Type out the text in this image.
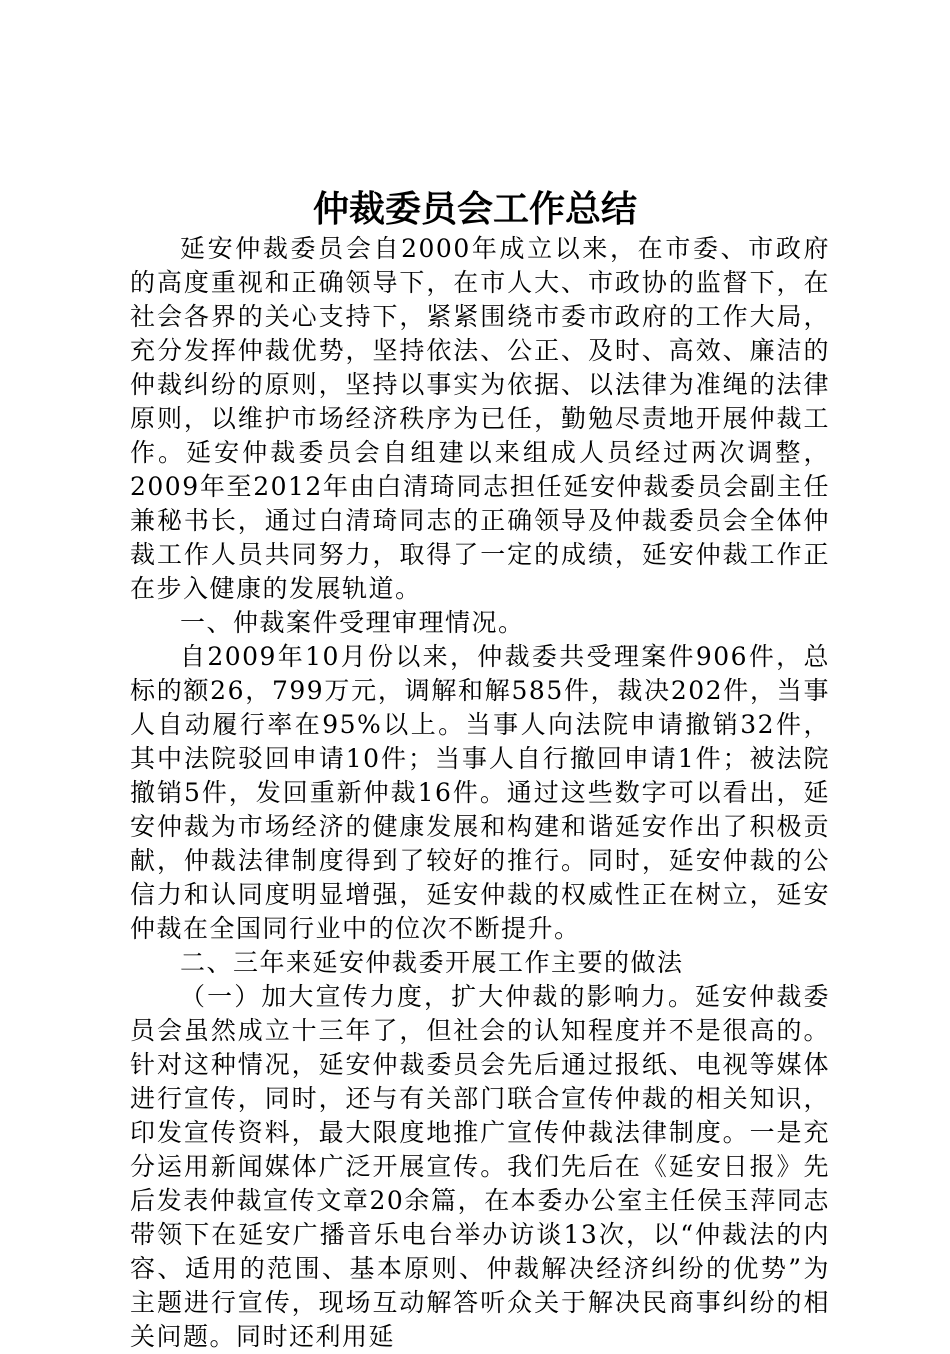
仲裁委员会工作总结

延安仲裁委员会自2000年成立以来，在市委、市政府的高度重视和正确领导下，在市人大、市政协的监督下，在社会各界的关心支持下，紧紧围绕市委市政府的工作大局，充分发挥仲裁优势，坚持依法、公正、及时、高效、廉洁的仲裁纠纷的原则，坚持以事实为依据、以法律为准绳的法律原则，以维护市场经济秩序为已任，勤勉尽责地开展仲裁工作。延安仲裁委员会自组建以来组成人员经过两次调整，2009年至2012年由白清琦同志担任延安仲裁委员会副主任兼秘书长，通过白清琦同志的正确领导及仲裁委员会全体仲裁工作人员共同努力，取得了一定的成绩，延安仲裁工作正在步入健康的发展轨道。

一、仲裁案件受理审理情况。

自2009年10月份以来，仲裁委共受理案件906件，总标的额26，799万元，调解和解585件，裁决202件，当事人自动履行率在95%以上。当事人向法院申请撤销32件，其中法院驳回申请10件；当事人自行撤回申请1件；被法院撤销5件，发回重新仲裁16件。通过这些数字可以看出，延安仲裁为市场经济的健康发展和构建和谐延安作出了积极贡献，仲裁法律制度得到了较好的推行。同时，延安仲裁的公信力和认同度明显增强，延安仲裁的权威性正在树立，延安仲裁在全国同行业中的位次不断提升。

二、三年来延安仲裁委开展工作主要的做法

（一）加大宣传力度，扩大仲裁的影响力。延安仲裁委员会虽然成立十三年了，但社会的认知程度并不是很高的。针对这种情况，延安仲裁委员会先后通过报纸、电视等媒体进行宣传，同时，还与有关部门联合宣传仲裁的相关知识，印发宣传资料，最大限度地推广宣传仲裁法律制度。一是充分运用新闻媒体广泛开展宣传。我们先后在《延安日报》先后发表仲裁宣传文章20余篇，在本委办公室主任侯玉萍同志带领下在延安广播音乐电台举办访谈13次，以“仲裁法的内容、适用的范围、基本原则、仲裁解决经济纠纷的优势”为主题进行宣传，现场互动解答听众关于解决民商事纠纷的相关问题。同时还利用延
